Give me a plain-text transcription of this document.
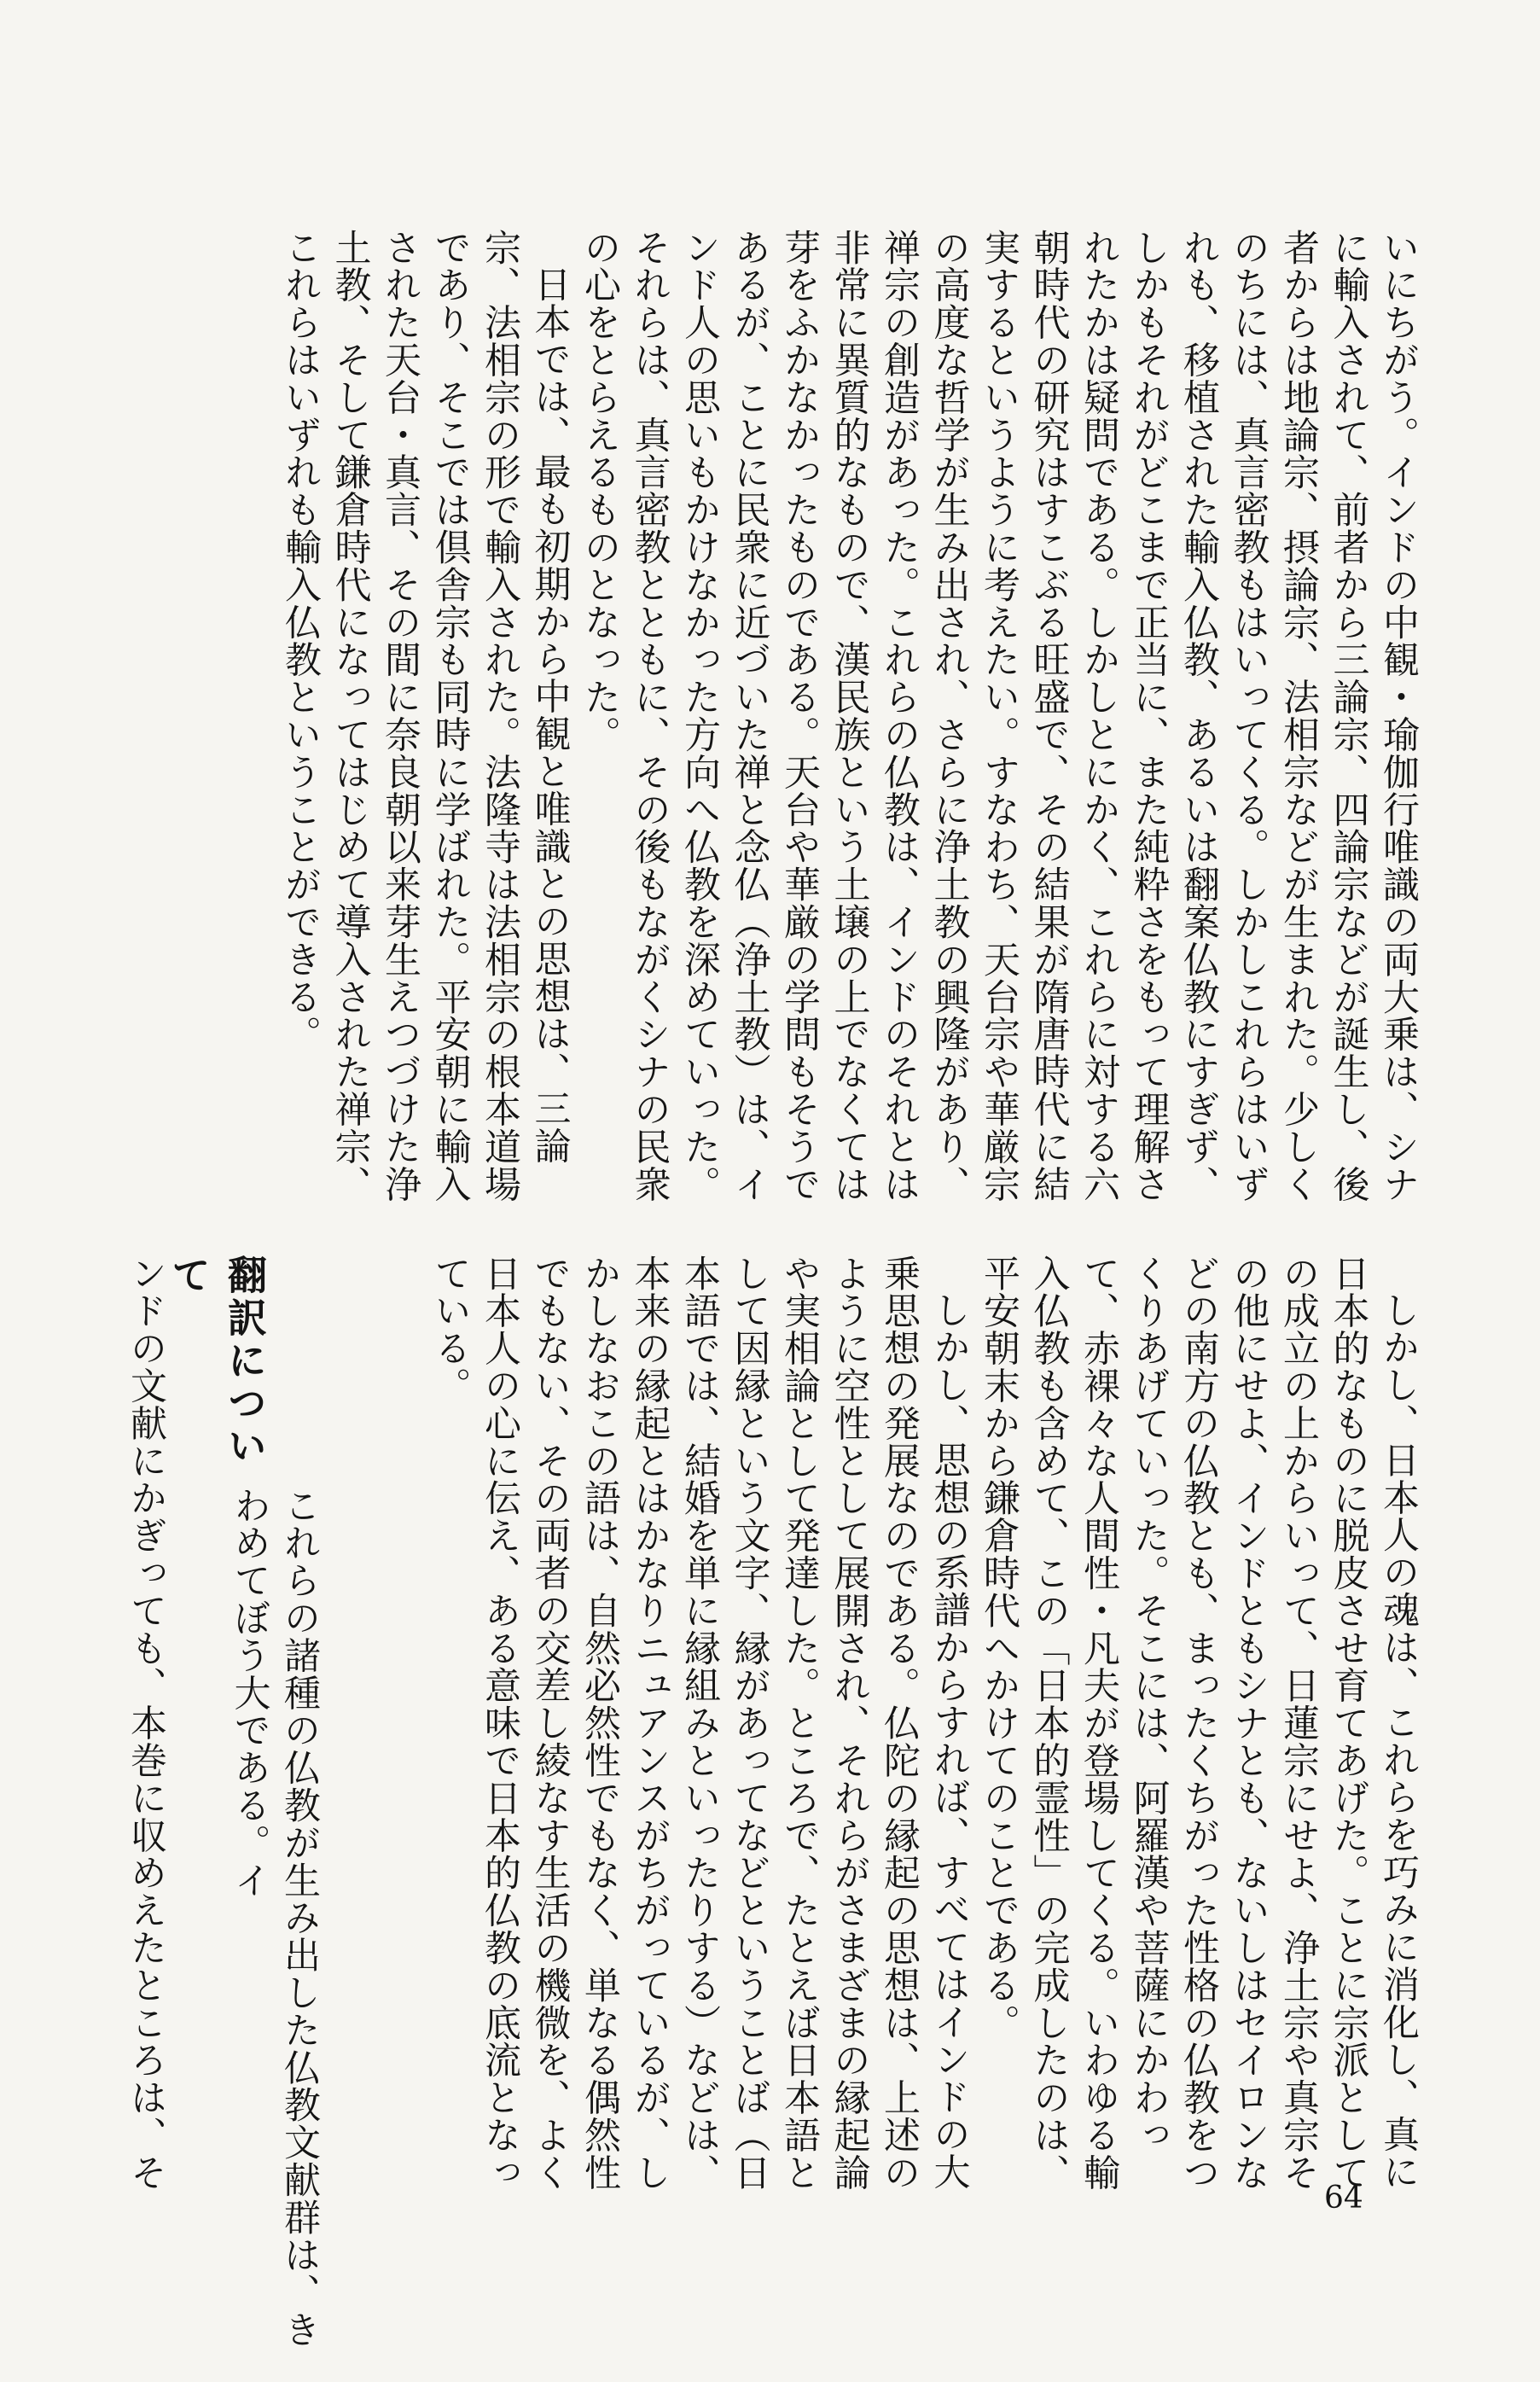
いにちがう。インドの中観・瑜伽行唯識の両大乗は、シナに輸入されて、前者から三論宗、四論宗などが誕生し、後者からは地論宗、摂論宗、法相宗などが生まれた。少しくのちには、真言密教もはいってくる。しかしこれらはいずれも、移植された輸入仏教、あるいは翻案仏教にすぎず、しかもそれがどこまで正当に、また純粋さをもって理解されたかは疑問である。しかしとにかく、これらに対する六朝時代の研究はすこぶる旺盛で、その結果が隋唐時代に結実するというように考えたい。すなわち、天台宗や華厳宗の高度な哲学が生み出され、さらに浄土教の興隆があり、禅宗の創造があった。これらの仏教は、インドのそれとは非常に異質的なもので、漢民族という土壌の上でなくては芽をふかなかったものである。天台や華厳の学問もそうであるが、ことに民衆に近づいた禅と念仏（浄土教）は、インド人の思いもかけなかった方向へ仏教を深めていった。それらは、真言密教とともに、その後もながくシナの民衆の心をとらえるものとなった。

日本では、最も初期から中観と唯識との思想は、三論宗、法相宗の形で輸入された。法隆寺は法相宗の根本道場であり、そこでは倶舎宗も同時に学ばれた。平安朝に輸入された天台・真言、その間に奈良朝以来芽生えつづけた浄土教、そして鎌倉時代になってはじめて導入された禅宗、これらはいずれも輸入仏教ということができる。

しかし、日本人の魂は、これらを巧みに消化し、真に日本的なものに脱皮させ育てあげた。ことに宗派としての成立の上からいって、日蓮宗にせよ、浄土宗や真宗その他にせよ、インドともシナとも、ないしはセイロンなどの南方の仏教とも、まったくちがった性格の仏教をつくりあげていった。そこには、阿羅漢や菩薩にかわって、赤裸々な人間性・凡夫が登場してくる。いわゆる輸入仏教も含めて、この「日本的霊性」の完成したのは、平安朝末から鎌倉時代へかけてのことである。

しかし、思想の系譜からすれば、すべてはインドの大乗思想の発展なのである。仏陀の縁起の思想は、上述のように空性として展開され、それらがさまざまの縁起論や実相論として発達した。ところで、たとえば日本語として因縁という文字、縁があってなどということば（日本語では、結婚を単に縁組みといったりする）などは、本来の縁起とはかなりニュアンスがちがっているが、しかしなおこの語は、自然必然性でもなく、単なる偶然性でもない、その両者の交差し綾なす生活の機微を、よく日本人の心に伝え、ある意味で日本的仏教の底流となっている。

翻訳について

これらの諸種の仏教が生み出した仏教文献群は、きわめてぼう大である。イ

ンドの文献にかぎっても、本巻に収めえたところは、そ

64
